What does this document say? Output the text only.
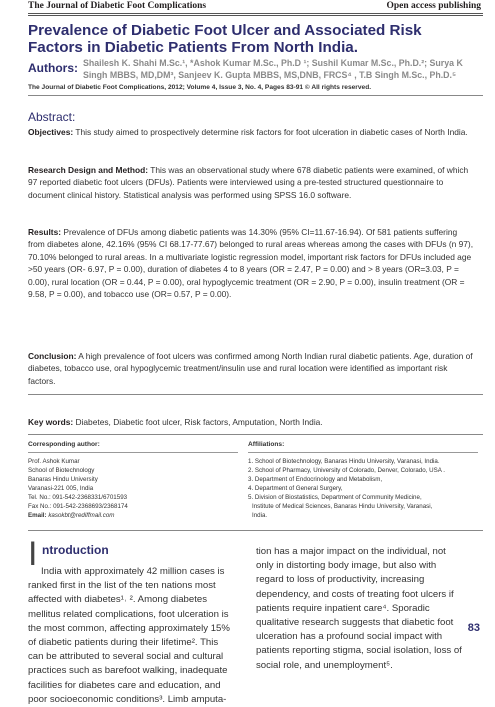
The Journal of Diabetic Foot Complications	Open access publishing
Prevalence of Diabetic Foot Ulcer and Associated Risk Factors in Diabetic Patients From North India.
Authors: Shailesh K. Shahi M.Sc.¹, *Ashok Kumar M.Sc., Ph.D ¹; Sushil Kumar M.Sc., Ph.D.²; Surya K Singh MBBS, MD,DM³, Sanjeev K. Gupta MBBS, MS,DNB, FRCS⁴ , T.B Singh M.Sc., Ph.D.⁵
The Journal of Diabetic Foot Complications, 2012; Volume 4, Issue 3, No. 4, Pages 83-91 © All rights reserved.
Abstract:
Objectives: This study aimed to prospectively determine risk factors for foot ulceration in diabetic cases of North India.
Research Design and Method: This was an observational study where 678 diabetic patients were examined, of which 97 reported diabetic foot ulcers (DFUs). Patients were interviewed using a pre-tested structured questionnaire to document clinical history. Statistical analysis was performed using SPSS 16.0 software.
Results: Prevalence of DFUs among diabetic patients was 14.30% (95% CI=11.67-16.94). Of 581 patients suffering from diabetes alone, 42.16% (95% CI 68.17-77.67) belonged to rural areas whereas among the cases with DFUs (n 97), 70.10% belonged to rural areas. In a multivariate logistic regression model, important risk factors for DFUs included age >50 years (OR- 6.97, P = 0.00), duration of diabetes 4 to 8 years (OR = 2.47, P = 0.00) and > 8 years (OR=3.03, P = 0.00), rural location (OR = 0.44, P = 0.00), oral hypoglycemic treatment (OR = 2.90, P = 0.00), insulin treatment (OR = 9.58, P = 0.00), and tobacco use (OR= 0.57, P = 0.00).
Conclusion: A high prevalence of foot ulcers was confirmed among North Indian rural diabetic patients. Age, duration of diabetes, tobacco use, oral hypoglycemic treatment/insulin use and rural location were identified as important risk factors.
Key words: Diabetes, Diabetic foot ulcer, Risk factors, Amputation, North India.
Corresponding author:
Prof. Ashok Kumar
School of Biotechnology
Banaras Hindu University
Varanasi-221 005, India
Tel. No.: 091-542-2368331/6701593
Fax No.: 091-542-2368693/2368174
Email: kasokbt@rediffmail.com
Affiliations:
1. School of Biotechnology, Banaras Hindu University, Varanasi, India.
2. School of Pharmacy, University of Colorado, Denver, Colorado, USA .
3. Department of Endocrinology and Metabolism,
4. Department of General Surgery,
5. Division of Biostatistics, Department of Community Medicine,
Institute of Medical Sciences, Banaras Hindu University, Varanasi,
India.
I ntroduction
India with approximately 42 million cases is ranked first in the list of the ten nations most affected with diabetes¹˒ ². Among diabetes mellitus related complications, foot ulceration is the most common, affecting approximately 15% of diabetic patients during their lifetime². This can be attributed to several social and cultural practices such as barefoot walking, inadequate facilities for diabetes care and education, and poor socioeconomic conditions³. Limb amputa-
tion has a major impact on the individual, not only in distorting body image, but also with regard to loss of productivity, increasing dependency, and costs of treating foot ulcers if patients require inpatient care⁴. Sporadic qualitative research suggests that diabetic foot ulceration has a profound social impact with patients reporting stigma, social isolation, loss of social role, and unemployment⁵.
83
